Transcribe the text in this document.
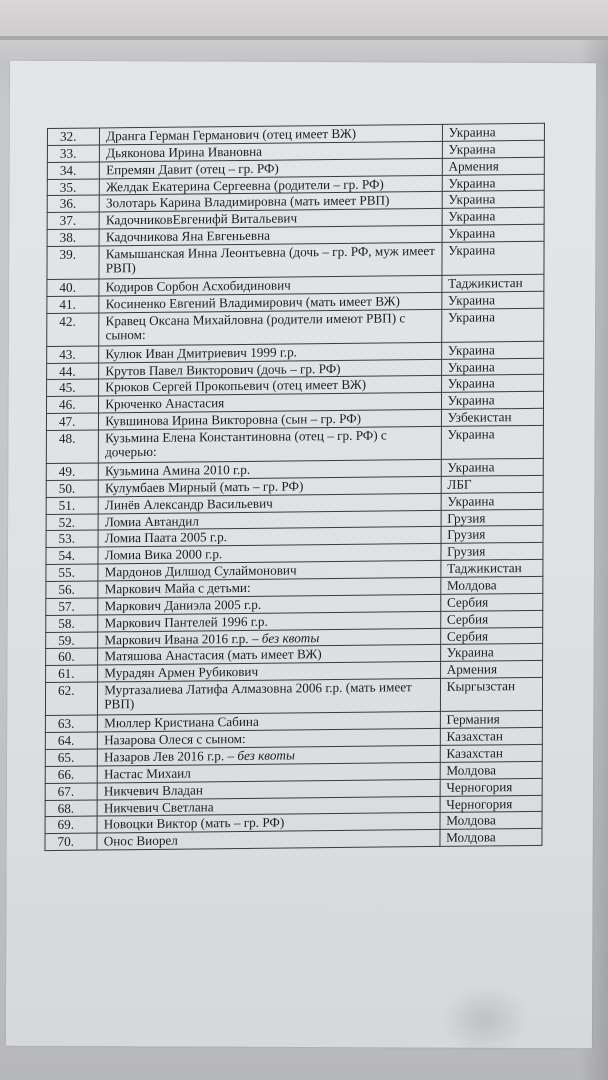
32.	Дранга Герман Германович (отец имеет ВЖ)	Украина
33.	Дьяконова Ирина Ивановна	Украина
34.	Епремян Давит (отец – гр. РФ)	Армения
35.	Желдак Екатерина Сергеевна (родители – гр. РФ)	Украина
36.	Золотарь Карина Владимировна (мать имеет РВП)	Украина
37.	КадочниковЕвгенифй Витальевич	Украина
38.	Кадочникова Яна Евгеньевна	Украина
39.	Камышанская Инна Леонтьевна (дочь – гр. РФ, муж имеет РВП)	Украина
40.	Кодиров Сорбон Асхобидинович	Таджикистан
41.	Косиненко Евгений Владимирович (мать имеет ВЖ)	Украина
42.	Кравец Оксана Михайловна (родители имеют РВП) с сыном:	Украина
43.	Кулюк Иван Дмитриевич 1999 г.р.	Украина
44.	Крутов Павел Викторович (дочь – гр. РФ)	Украина
45.	Крюков Сергей Прокопьевич (отец имеет ВЖ)	Украина
46.	Крюченко Анастасия	Украина
47.	Кувшинова Ирина Викторовна (сын – гр. РФ)	Узбекистан
48.	Кузьмина Елена Константиновна (отец – гр. РФ) с дочерью:	Украина
49.	Кузьмина Амина 2010 г.р.	Украина
50.	Кулумбаев Мирный (мать – гр. РФ)	ЛБГ
51.	Линёв Александр Васильевич	Украина
52.	Ломиа Автандил	Грузия
53.	Ломиа Паата 2005 г.р.	Грузия
54.	Ломиа Вика 2000 г.р.	Грузия
55.	Мардонов Дилшод Сулаймонович	Таджикистан
56.	Маркович Майа с детьми:	Молдова
57.	Маркович Даниэла 2005 г.р.	Сербия
58.	Маркович Пантелей 1996 г.р.	Сербия
59.	Маркович Ивана 2016 г.р. – без квоты	Сербия
60.	Матяшова Анастасия (мать имеет ВЖ)	Украина
61.	Мурадян Армен Рубикович	Армения
62.	Муртазалиева Латифа Алмазовна 2006 г.р. (мать имеет РВП)	Кыргызстан
63.	Мюллер Кристиана Сабина	Германия
64.	Назарова Олеся с сыном:	Казахстан
65.	Назаров Лев 2016 г.р. – без квоты	Казахстан
66.	Настас Михаил	Молдова
67.	Никчевич Владан	Черногория
68.	Никчевич Светлана	Черногория
69.	Новоцки Виктор (мать – гр. РФ)	Молдова
70.	Онос Виорел	Молдова
